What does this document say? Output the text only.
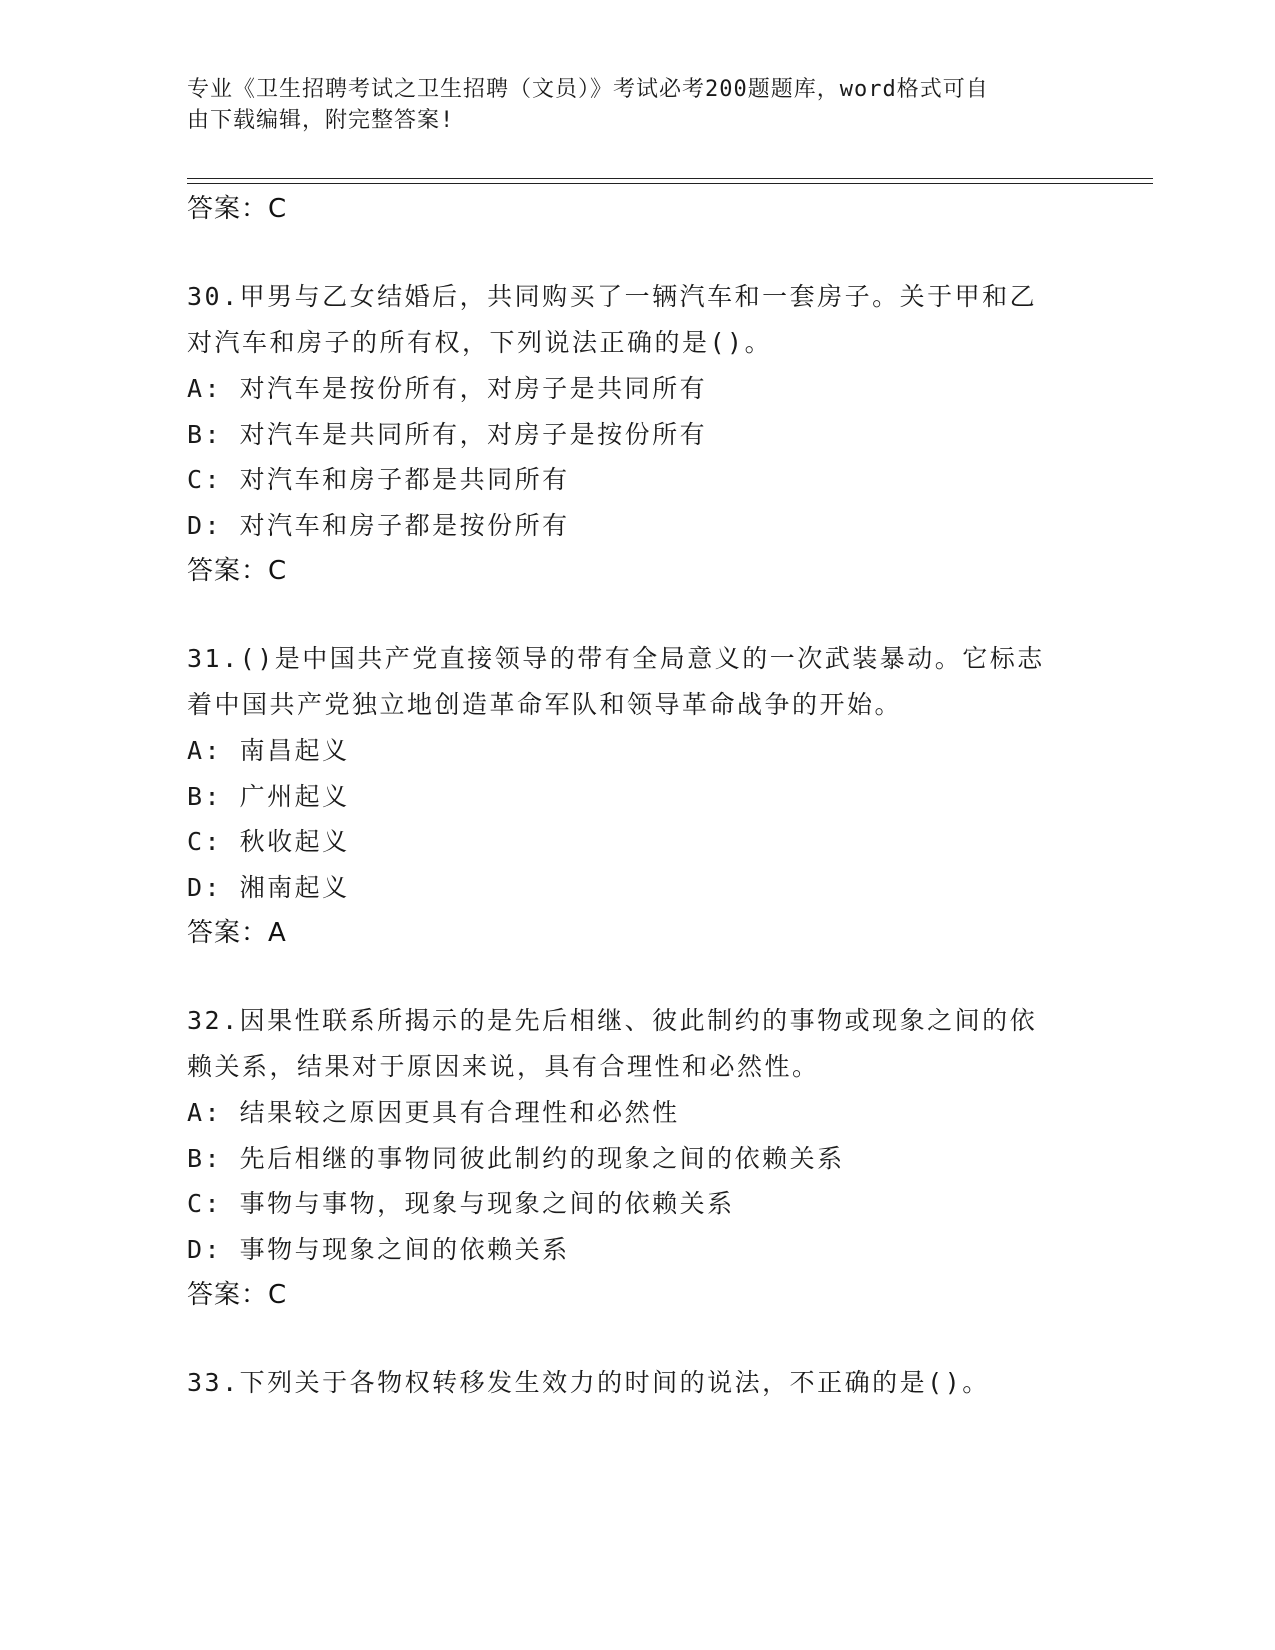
专业《卫生招聘考试之卫生招聘（文员）》考试必考200题题库，word格式可自
由下载编辑，附完整答案!
答案：C
30.甲男与乙女结婚后，共同购买了一辆汽车和一套房子。关于甲和乙
对汽车和房子的所有权，下列说法正确的是()。
A: 对汽车是按份所有，对房子是共同所有
B: 对汽车是共同所有，对房子是按份所有
C: 对汽车和房子都是共同所有
D: 对汽车和房子都是按份所有
答案：C
31.()是中国共产党直接领导的带有全局意义的一次武装暴动。它标志
着中国共产党独立地创造革命军队和领导革命战争的开始。
A: 南昌起义
B: 广州起义
C: 秋收起义
D: 湘南起义
答案：A
32.因果性联系所揭示的是先后相继、彼此制约的事物或现象之间的依
赖关系，结果对于原因来说，具有合理性和必然性。
A: 结果较之原因更具有合理性和必然性
B: 先后相继的事物同彼此制约的现象之间的依赖关系
C: 事物与事物，现象与现象之间的依赖关系
D: 事物与现象之间的依赖关系
答案：C
33.下列关于各物权转移发生效力的时间的说法，不正确的是()。
